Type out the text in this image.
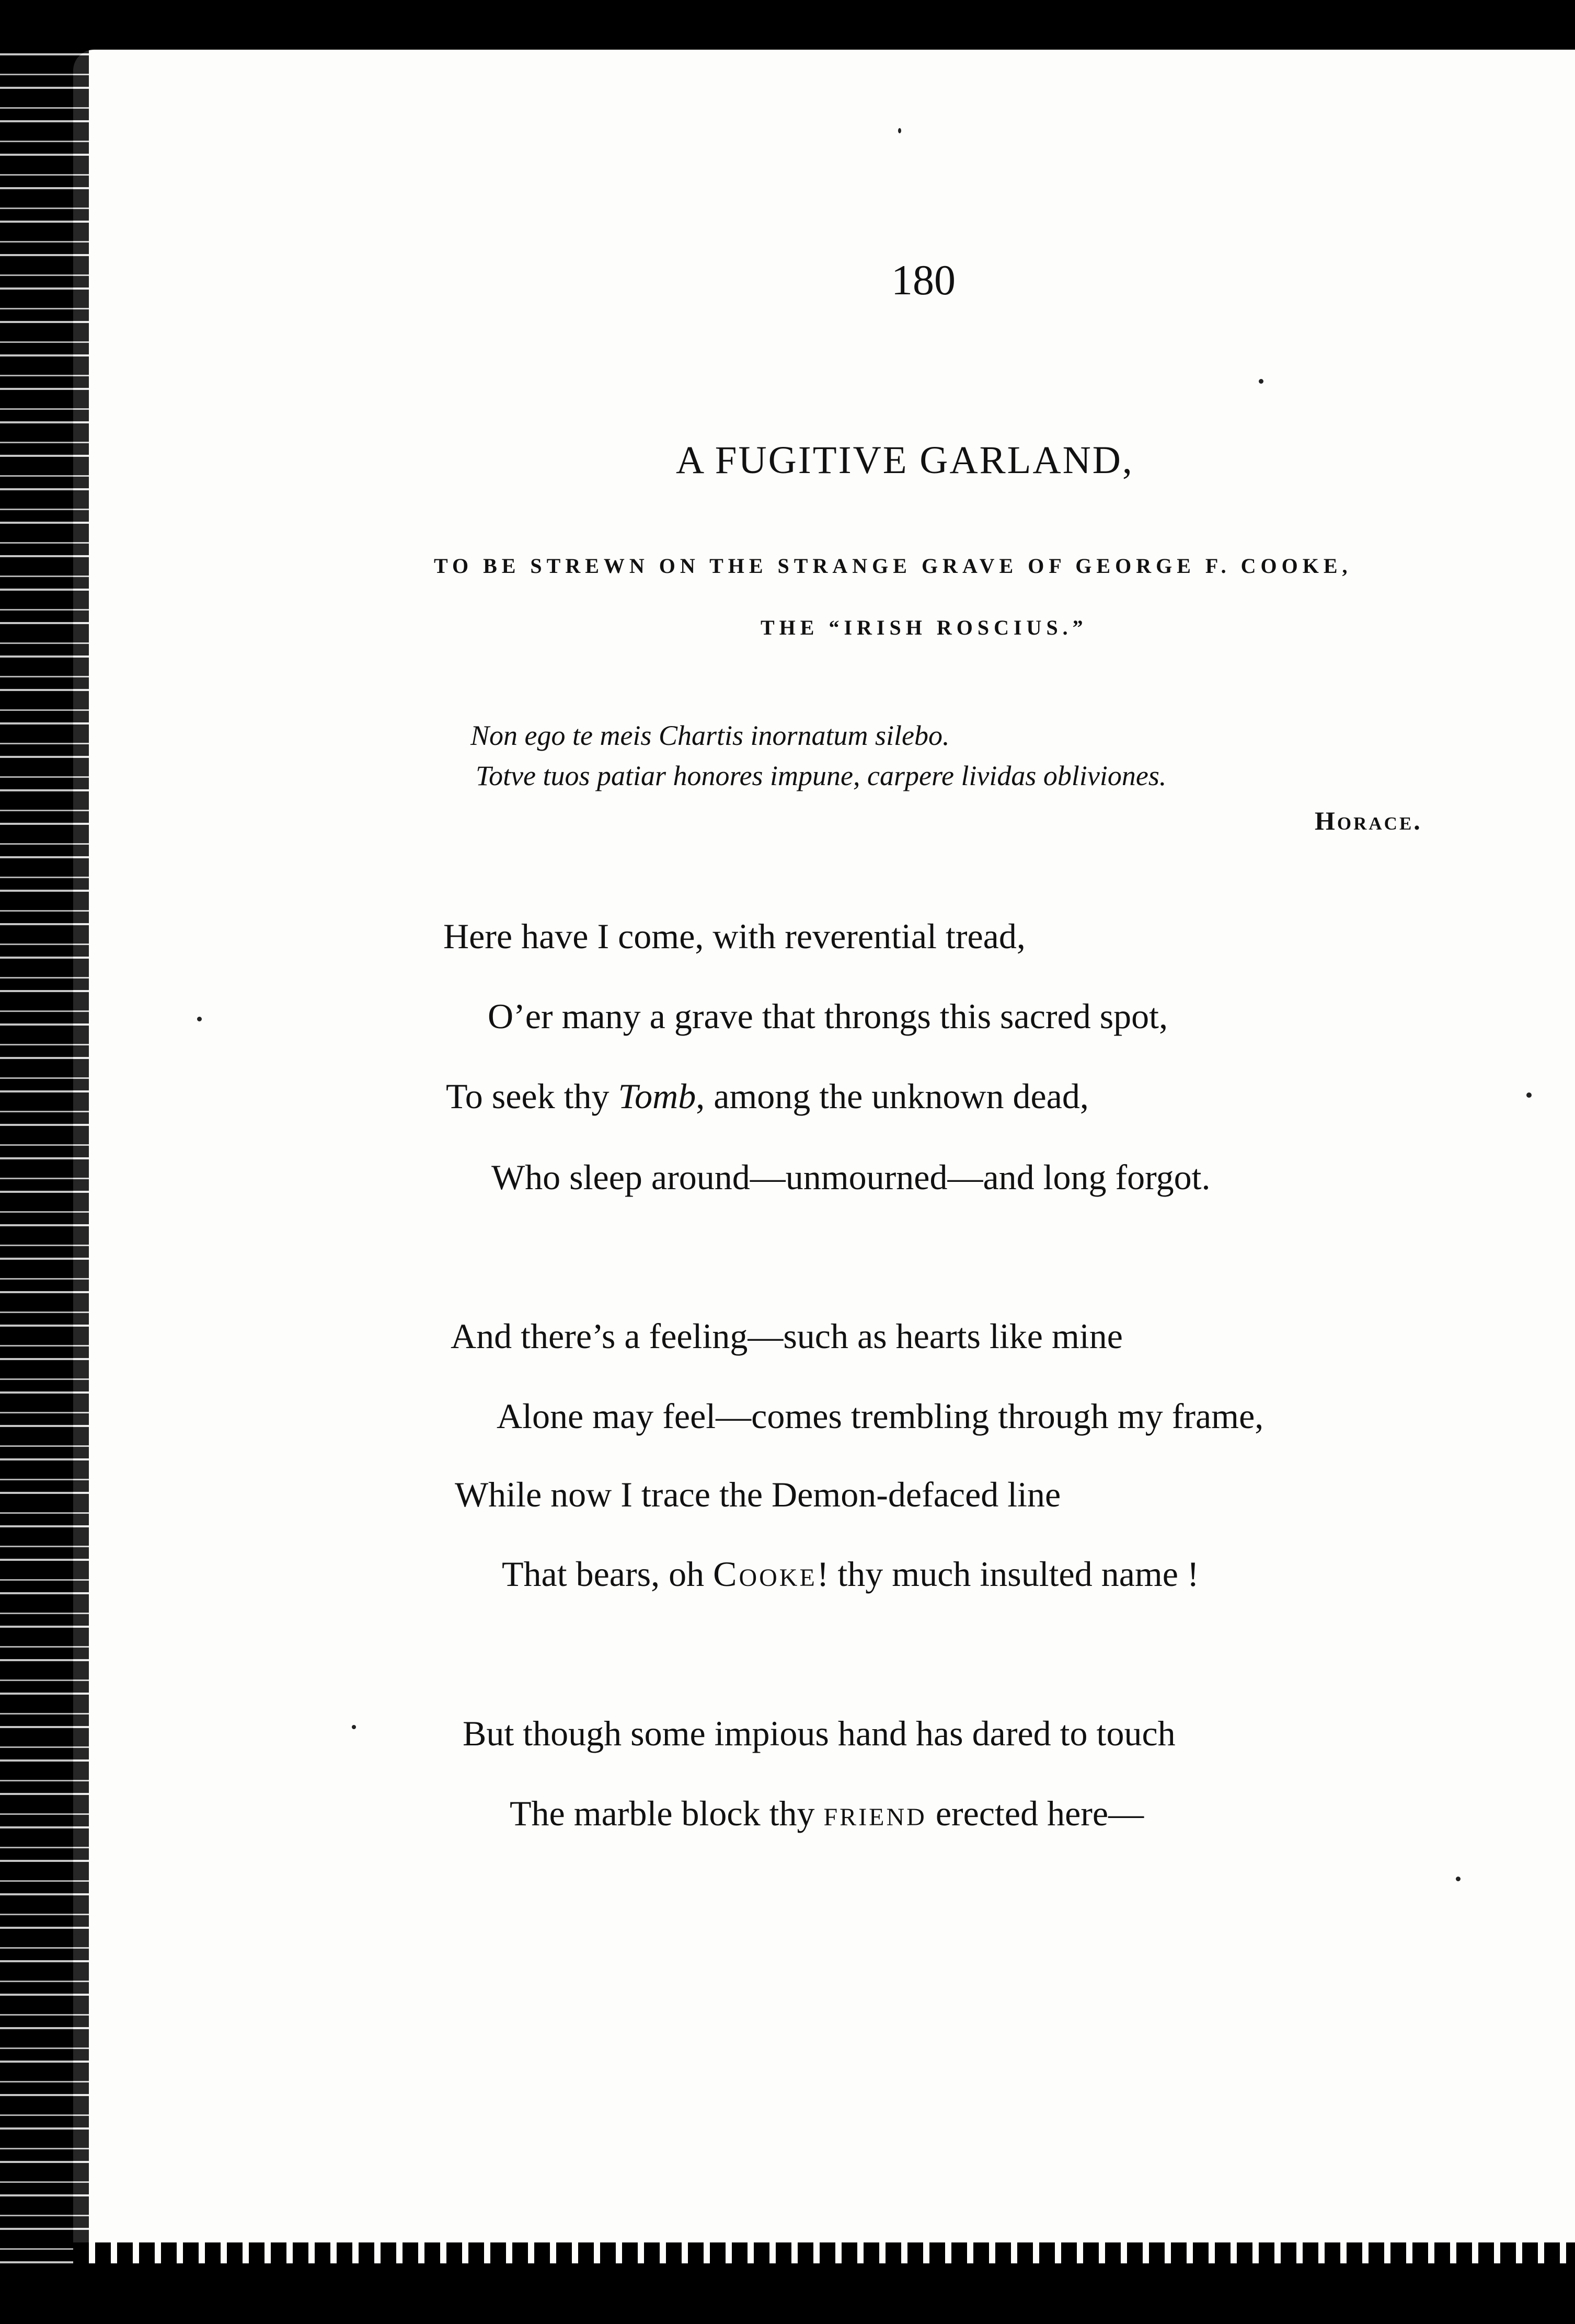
180
A FUGITIVE GARLAND,
TO BE STREWN ON THE STRANGE GRAVE OF GEORGE F. COOKE,
THE “IRISH ROSCIUS.”
Non ego te meis Chartis inornatum silebo.
Totve tuos patiar honores impune, carpere lividas obliviones.
Horace.
Here have I come, with reverential tread,
O’er many a grave that throngs this sacred spot,
To seek thy Tomb, among the unknown dead,
Who sleep around—unmourned—and long forgot.
And there’s a feeling—such as hearts like mine
Alone may feel—comes trembling through my frame,
While now I trace the Demon-defaced line
That bears, oh Cooke! thy much insulted name !
But though some impious hand has dared to touch
The marble block thy friend erected here—
